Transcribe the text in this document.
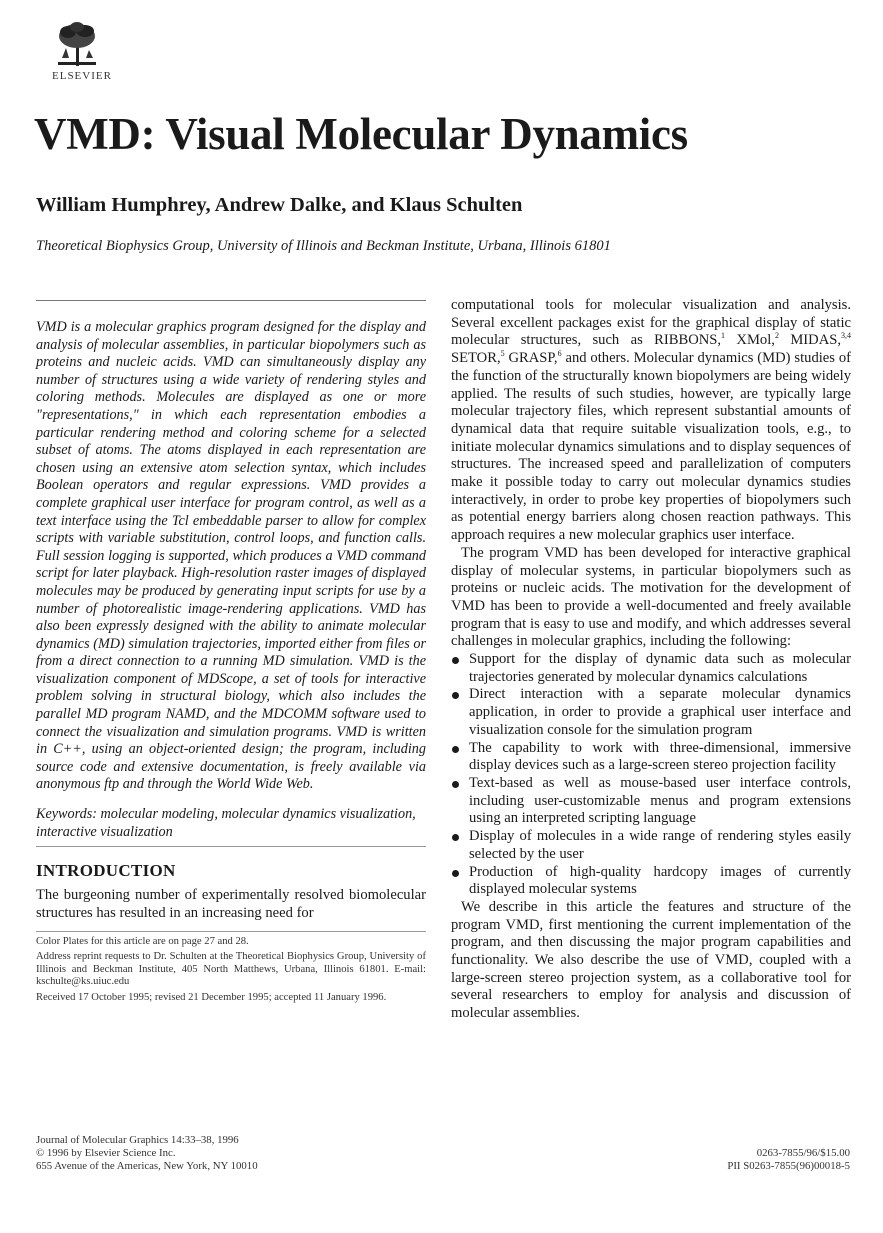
ELSEVIER
VMD: Visual Molecular Dynamics
William Humphrey, Andrew Dalke, and Klaus Schulten
Theoretical Biophysics Group, University of Illinois and Beckman Institute, Urbana, Illinois 61801

VMD is a molecular graphics program designed for the display and analysis of molecular assemblies, in particular biopolymers such as proteins and nucleic acids. VMD can simultaneously display any number of structures using a wide variety of rendering styles and coloring methods. Molecules are displayed as one or more "representations," in which each representation embodies a particular rendering method and coloring scheme for a selected subset of atoms. The atoms displayed in each representation are chosen using an extensive atom selection syntax, which includes Boolean operators and regular expressions. VMD provides a complete graphical user interface for program control, as well as a text interface using the Tcl embeddable parser to allow for complex scripts with variable substitution, control loops, and function calls. Full session logging is supported, which produces a VMD command script for later playback. High-resolution raster images of displayed molecules may be produced by generating input scripts for use by a number of photorealistic image-rendering applications. VMD has also been expressly designed with the ability to animate molecular dynamics (MD) simulation trajectories, imported either from files or from a direct connection to a running MD simulation. VMD is the visualization component of MDScope, a set of tools for interactive problem solving in structural biology, which also includes the parallel MD program NAMD, and the MDCOMM software used to connect the visualization and simulation programs. VMD is written in C++, using an object-oriented design; the program, including source code and extensive documentation, is freely available via anonymous ftp and through the World Wide Web.

Keywords: molecular modeling, molecular dynamics visualization, interactive visualization

INTRODUCTION

The burgeoning number of experimentally resolved biomolecular structures has resulted in an increasing need for

Color Plates for this article are on page 27 and 28.

Address reprint requests to Dr. Schulten at the Theoretical Biophysics Group, University of Illinois and Beckman Institute, 405 North Matthews, Urbana, Illinois 61801. E-mail: kschulte@ks.uiuc.edu

Received 17 October 1995; revised 21 December 1995; accepted 11 January 1996.

computational tools for molecular visualization and analysis. Several excellent packages exist for the graphical display of static molecular structures, such as RIBBONS,$^1$ XMol,$^2$ MIDAS,$^{3,4}$ SETOR,$^5$ GRASP,$^6$ and others. Molecular dynamics (MD) studies of the function of the structurally known biopolymers are being widely applied. The results of such studies, however, are typically large molecular trajectory files, which represent substantial amounts of dynamical data that require suitable visualization tools, e.g., to initiate molecular dynamics simulations and to display sequences of structures. The increased speed and parallelization of computers make it possible today to carry out molecular dynamics studies interactively, in order to probe key properties of biopolymers such as potential energy barriers along chosen reaction pathways. This approach requires a new molecular graphics user interface.

The program VMD has been developed for interactive graphical display of molecular systems, in particular biopolymers such as proteins or nucleic acids. The motivation for the development of VMD has been to provide a well-documented and freely available program that is easy to use and modify, and which addresses several challenges in molecular graphics, including the following:

Support for the display of dynamic data such as molecular trajectories generated by molecular dynamics calculations
Direct interaction with a separate molecular dynamics application, in order to provide a graphical user interface and visualization console for the simulation program
The capability to work with three-dimensional, immersive display devices such as a large-screen stereo projection facility
Text-based as well as mouse-based user interface controls, including user-customizable menus and program extensions using an interpreted scripting language
Display of molecules in a wide range of rendering styles easily selected by the user
Production of high-quality hardcopy images of currently displayed molecular systems

We describe in this article the features and structure of the program VMD, first mentioning the current implementation of the program, and then discussing the major program capabilities and functionality. We also describe the use of VMD, coupled with a large-screen stereo projection system, as a collaborative tool for several researchers to employ for analysis and discussion of molecular assemblies.

Journal of Molecular Graphics 14:33–38, 1996
© 1996 by Elsevier Science Inc.
655 Avenue of the Americas, New York, NY 10010
0263-7855/96/$15.00
PII S0263-7855(96)00018-5
